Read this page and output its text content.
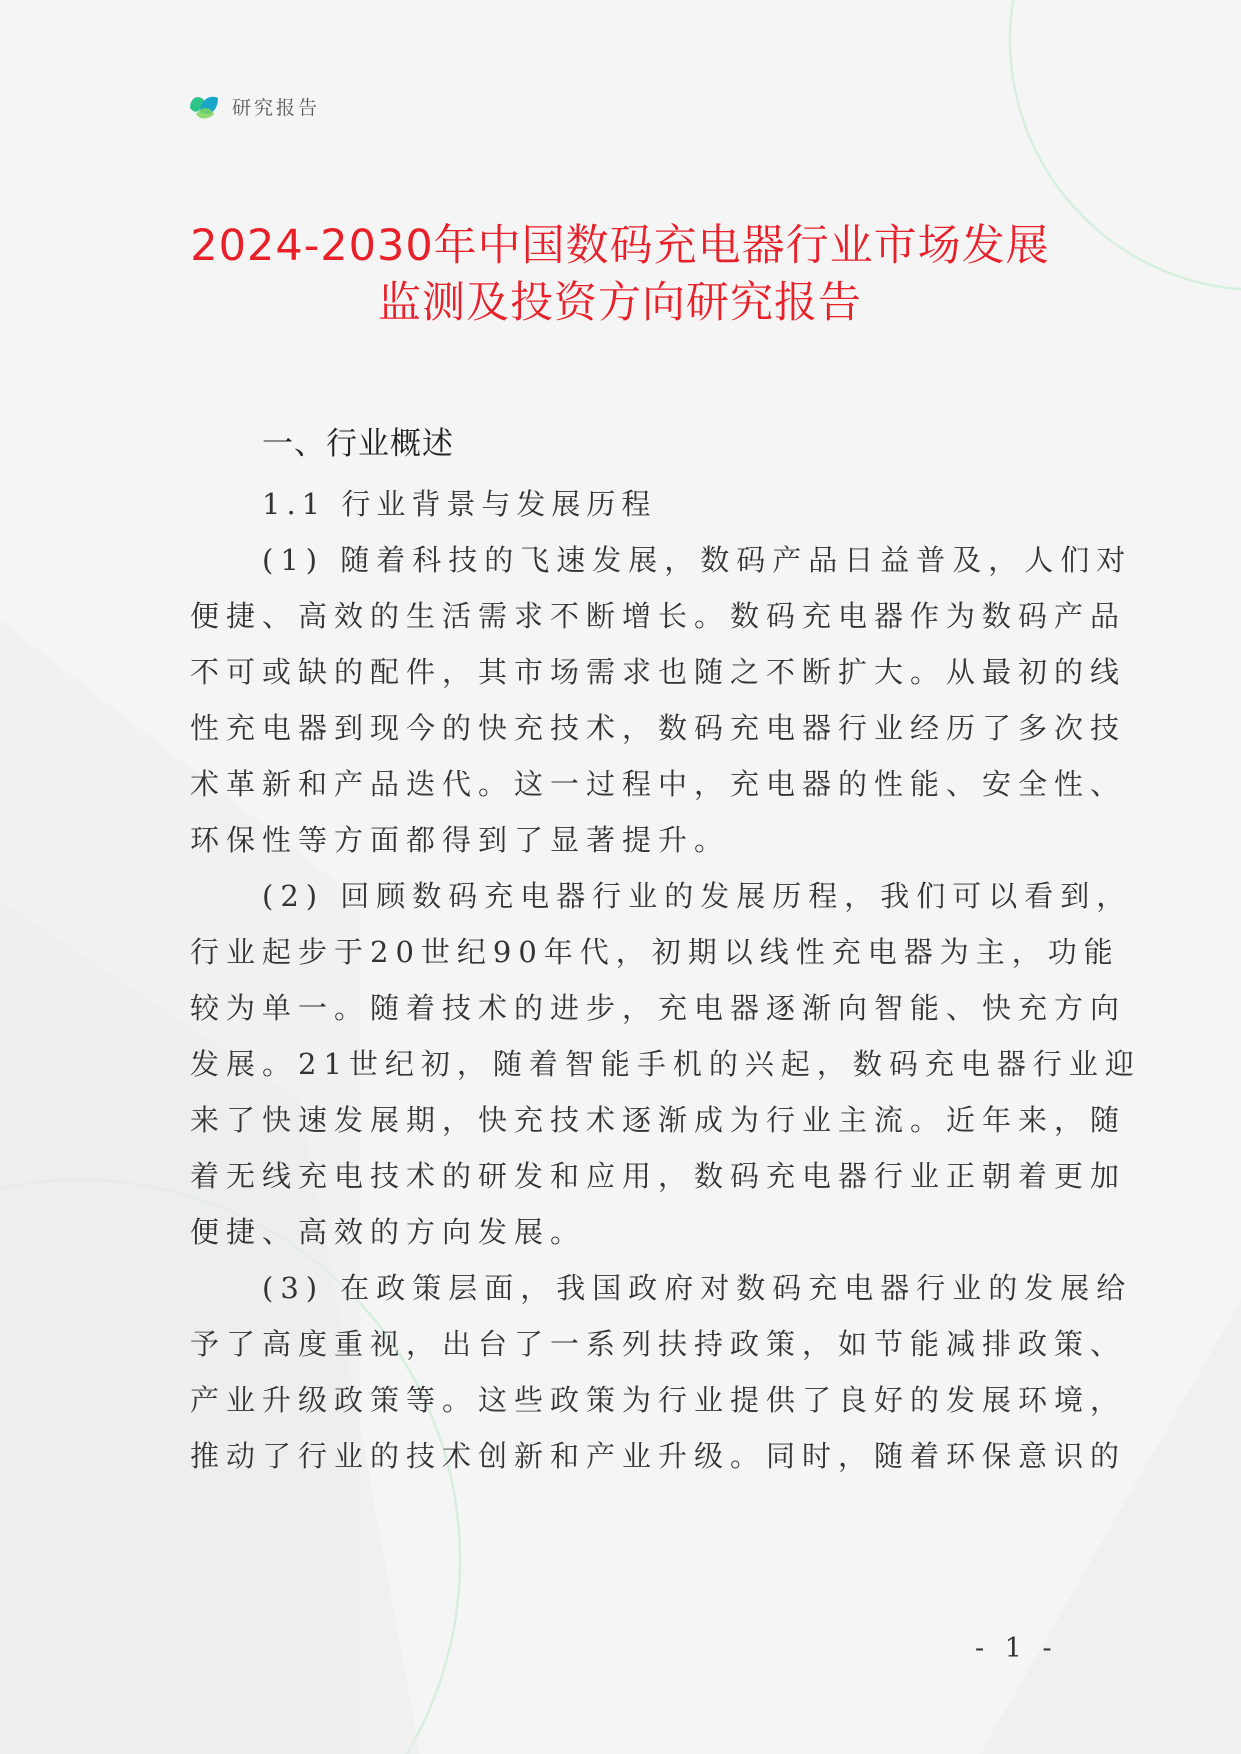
研究报告
2024-2030年中国数码充电器行业市场发展
监测及投资方向研究报告
一、行业概述
1.1 行业背景与发展历程
(1) 随着科技的飞速发展，数码产品日益普及，人们对
便捷、高效的生活需求不断增长。数码充电器作为数码产品
不可或缺的配件，其市场需求也随之不断扩大。从最初的线
性充电器到现今的快充技术，数码充电器行业经历了多次技
术革新和产品迭代。这一过程中，充电器的性能、安全性、
环保性等方面都得到了显著提升。
(2) 回顾数码充电器行业的发展历程，我们可以看到，
行业起步于20世纪90年代，初期以线性充电器为主，功能
较为单一。随着技术的进步，充电器逐渐向智能、快充方向
发展。21世纪初，随着智能手机的兴起，数码充电器行业迎
来了快速发展期，快充技术逐渐成为行业主流。近年来，随
着无线充电技术的研发和应用，数码充电器行业正朝着更加
便捷、高效的方向发展。
(3) 在政策层面，我国政府对数码充电器行业的发展给
予了高度重视，出台了一系列扶持政策，如节能减排政策、
产业升级政策等。这些政策为行业提供了良好的发展环境，
推动了行业的技术创新和产业升级。同时，随着环保意识的
- 1 -
